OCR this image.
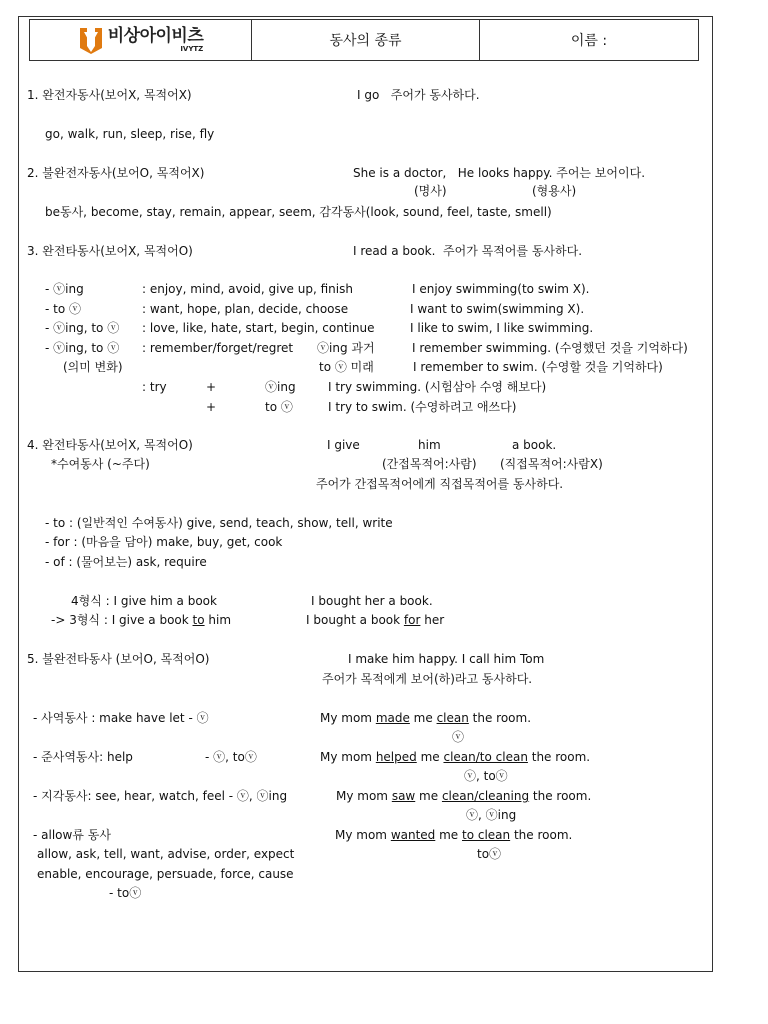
비상아이비츠
IVYTZ	동사의 종류	이름 :
1. 완전자동사(보어X, 목적어X)	I go   주어가 동사하다.
go, walk, run, sleep, rise, fly
2. 불완전자동사(보어O, 목적어X)	She is a doctor,   He looks happy. 주어는 보어이다.
(명사)	(형용사)
be동사, become, stay, remain, appear, seem, 감각동사(look, sound, feel, taste, smell)
3. 완전타동사(보어X, 목적어O)	I read a book.  주어가 목적어를 동사하다.
- ⓥing	: enjoy, mind, avoid, give up, finish	I enjoy swimming(to swim X).
- to ⓥ	: want, hope, plan, decide, choose	I want to swim(swimming X).
- ⓥing, to ⓥ : love, like, hate, start, begin, continue	I like to swim, I like swimming.
- ⓥing, to ⓥ : remember/forget/regret ⓥing 과거	I remember swimming. (수영했던 것을 기억하다)
(의미 변화)	to ⓥ 미래	I remember to swim. (수영할 것을 기억하다)
: try	+	ⓥing	I try swimming. (시험삼아 수영 해보다)
+	to ⓥ	I try to swim. (수영하려고 애쓰다)
4. 완전타동사(보어X, 목적어O)	I give	him	a book.
*수여동사 (~주다)	(간접목적어:사람) (직접목적어:사람X)
주어가 간접목적어에게 직접목적어를 동사하다.
- to : (일반적인 수여동사) give, send, teach, show, tell, write
- for : (마음을 담아) make, buy, get, cook
- of : (물어보는) ask, require
4형식 : I give him a book	I bought her a book.
-> 3형식 : I give a book to him	I bought a book for her
5. 불완전타동사 (보어O, 목적어O)	I make him happy. I call him Tom
주어가 목적에게 보어(하)라고 동사하다.
- 사역동사 : make have let - ⓥ	My mom made me clean the room.
ⓥ
- 준사역동사: help	- ⓥ, toⓥ	My mom helped me clean/to clean the room.
ⓥ, toⓥ
- 지각동사: see, hear, watch, feel - ⓥ, ⓥing	My mom saw me clean/cleaning the room.
ⓥ, ⓥing
- allow류 동사	My mom wanted me to clean the room.
allow, ask, tell, want, advise, order, expect	toⓥ
enable, encourage, persuade, force, cause
- toⓥ
